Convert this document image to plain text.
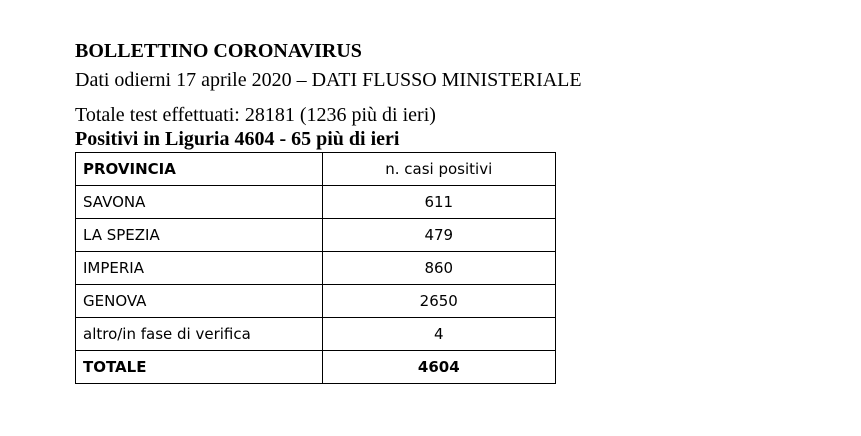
BOLLETTINO CORONAVIRUS
Dati odierni 17 aprile 2020 – DATI FLUSSO MINISTERIALE
Totale test effettuati: 28181 (1236 più di ieri)
Positivi in Liguria 4604 - 65 più di ieri
PROVINCIA	n. casi positivi
SAVONA	611
LA SPEZIA	479
IMPERIA	860
GENOVA	2650
altro/in fase di verifica	4
TOTALE	4604
